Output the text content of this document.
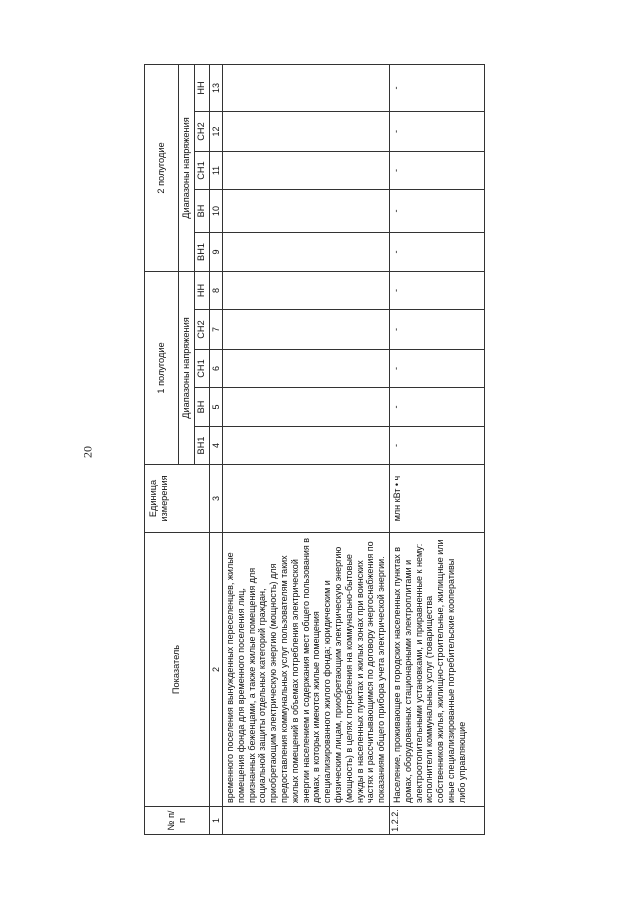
20
№ п/п	Показатель	Единица измерения	1 полугодие					2 полугодие				
			Диапазоны напряжения					Диапазоны напряжения				
			ВН1	ВН	СН1	СН2	НН	ВН1	ВН	СН1	СН2	НН
1	2	3	4	5	6	7	8	9	10	11	12	13
	временного поселения вынужденных переселенцев, жилые помещения фонда для временного поселения лиц, признанных беженцами, а также жилые помещения для социальной защиты отдельных категорий граждан, приобретающим электрическую энергию (мощность) для предоставления коммунальных услуг пользователям таких жилых помещений в объемах потребления электрической энергии населением и содержания мест общего пользования в домах, в которых имеются жилые помещения специализированного жилого фонда; юридическим и физическим лицам, приобретающим электрическую энергию (мощность) в целях потребления на коммунально-бытовые нужды в населенных пунктах и жилых зонах при воинских частях и рассчитывающимся по договору энергоснабжения по показаниям общего прибора учета электрической энергии.											
1.2.2.	Население, проживающее в городских населенных пунктах в домах, оборудованных стационарными электроплитами и электроотопительными установками, и приравненные к нему: исполнители коммунальных услуг (товарищества собственников жилья, жилищно-строительные, жилищные или иные специализированные потребительские кооперативы либо управляющие	млн кВт • ч	-	-	-	-	-	-	-	-	-	-
